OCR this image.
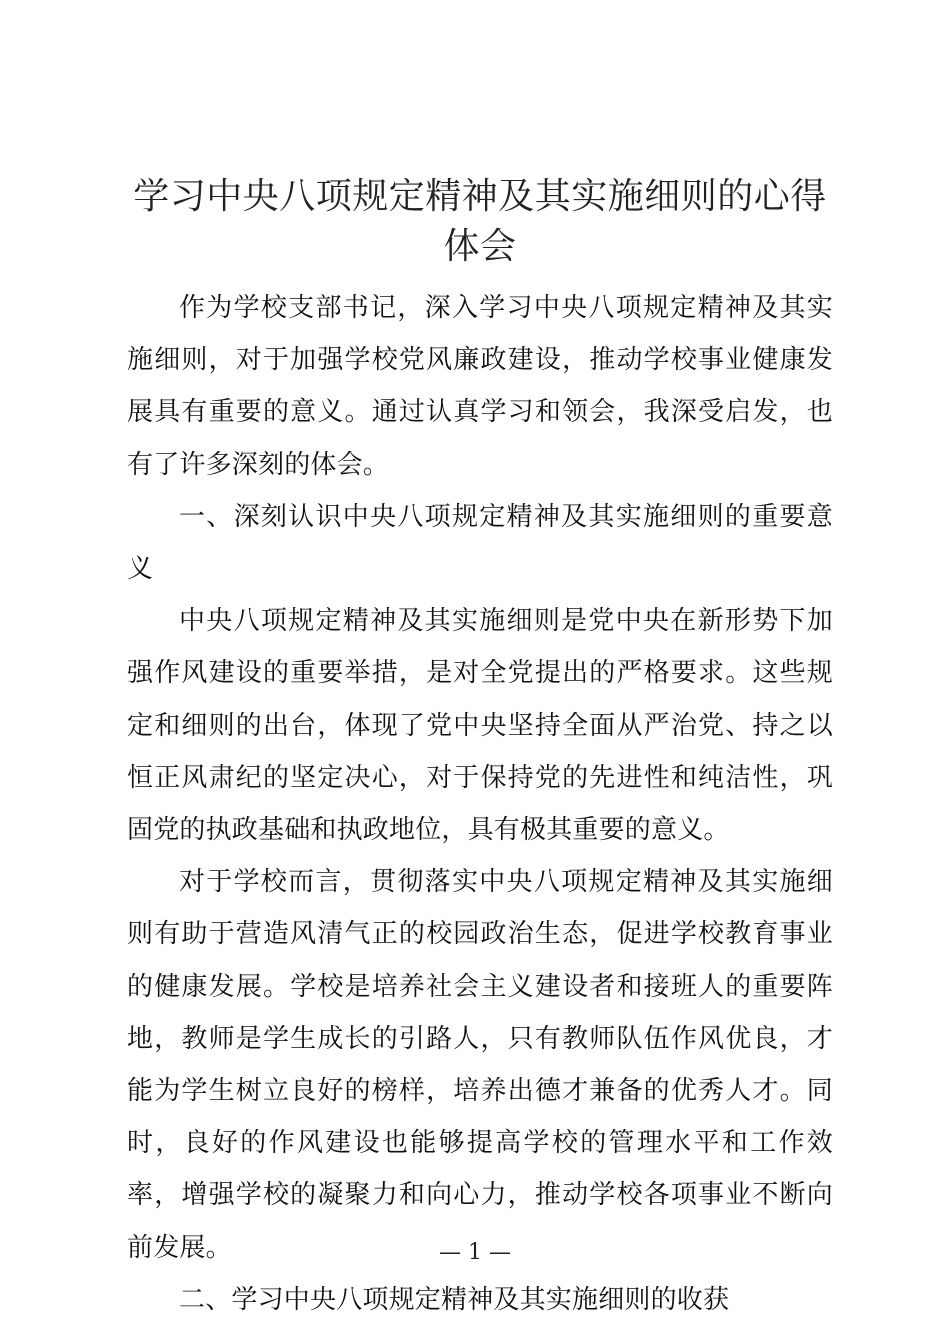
学习中央八项规定精神及其实施细则的心得体会

作为学校支部书记，深入学习中央八项规定精神及其实施细则，对于加强学校党风廉政建设，推动学校事业健康发展具有重要的意义。通过认真学习和领会，我深受启发，也有了许多深刻的体会。

一、深刻认识中央八项规定精神及其实施细则的重要意义

中央八项规定精神及其实施细则是党中央在新形势下加强作风建设的重要举措，是对全党提出的严格要求。这些规定和细则的出台，体现了党中央坚持全面从严治党、持之以恒正风肃纪的坚定决心，对于保持党的先进性和纯洁性，巩固党的执政基础和执政地位，具有极其重要的意义。

对于学校而言，贯彻落实中央八项规定精神及其实施细则有助于营造风清气正的校园政治生态，促进学校教育事业的健康发展。学校是培养社会主义建设者和接班人的重要阵地，教师是学生成长的引路人，只有教师队伍作风优良，才能为学生树立良好的榜样，培养出德才兼备的优秀人才。同时，良好的作风建设也能够提高学校的管理水平和工作效率，增强学校的凝聚力和向心力，推动学校各项事业不断向前发展。

二、学习中央八项规定精神及其实施细则的收获

— 1 —
